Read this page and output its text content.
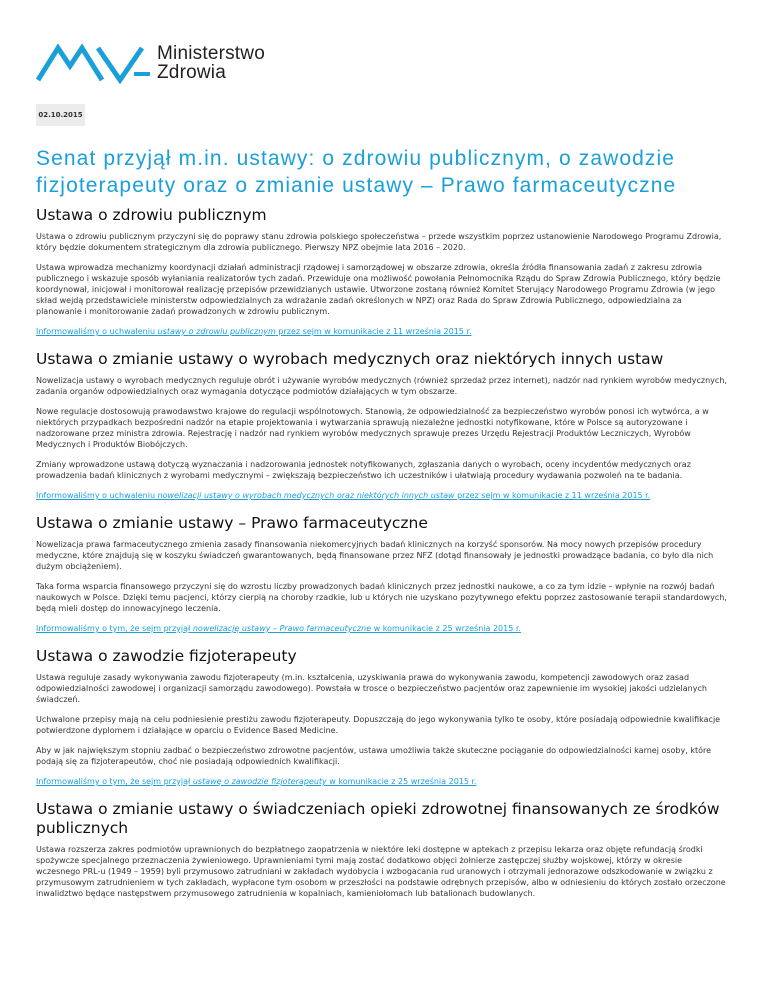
Ministerstwo
Zdrowia
02.10.2015
Senat przyjął m.in. ustawy: o zdrowiu publicznym, o zawodzie fizjoterapeuty oraz o zmianie ustawy – Prawo farmaceutyczne
Ustawa o zdrowiu publicznym

Ustawa o zdrowiu publicznym przyczyni się do poprawy stanu zdrowia polskiego społeczeństwa – przede wszystkim poprzez ustanowienie Narodowego Programu Zdrowia, który będzie dokumentem strategicznym dla zdrowia publicznego. Pierwszy NPZ obejmie lata 2016 – 2020.

Ustawa wprowadza mechanizmy koordynacji działań administracji rządowej i samorządowej w obszarze zdrowia, określa źródła finansowania zadań z zakresu zdrowia publicznego i wskazuje sposób wyłaniania realizatorów tych zadań. Przewiduje ona możliwość powołania Pełnomocnika Rządu do Spraw Zdrowia Publicznego, który będzie koordynował, inicjował i monitorował realizację przepisów przewidzianych ustawie. Utworzone zostaną również Komitet Sterujący Narodowego Programu Zdrowia (w jego skład wejdą przedstawiciele ministerstw odpowiedzialnych za wdrażanie zadań określonych w NPZ) oraz Rada do Spraw Zdrowia Publicznego, odpowiedzialna za planowanie i monitorowanie zadań prowadzonych w zdrowiu publicznym.

Informowaliśmy o uchwaleniu ustawy o zdrowiu publicznym przez sejm w komunikacie z 11 września 2015 r.

Ustawa o zmianie ustawy o wyrobach medycznych oraz niektórych innych ustaw

Nowelizacja ustawy o wyrobach medycznych reguluje obrót i używanie wyrobów medycznych (również sprzedaż przez internet), nadzór nad rynkiem wyrobów medycznych, zadania organów odpowiedzialnych oraz wymagania dotyczące podmiotów działających w tym obszarze.

Nowe regulacje dostosowują prawodawstwo krajowe do regulacji wspólnotowych. Stanowią, że odpowiedzialność za bezpieczeństwo wyrobów ponosi ich wytwórca, a w niektórych przypadkach bezpośredni nadzór na etapie projektowania i wytwarzania sprawują niezależne jednostki notyfikowane, które w Polsce są autoryzowane i nadzorowane przez ministra zdrowia. Rejestrację i nadzór nad rynkiem wyrobów medycznych sprawuje prezes Urzędu Rejestracji Produktów Leczniczych, Wyrobów Medycznych i Produktów Biobójczych.

Zmiany wprowadzone ustawą dotyczą wyznaczania i nadzorowania jednostek notyfikowanych, zgłaszania danych o wyrobach, oceny incydentów medycznych oraz prowadzenia badań klinicznych z wyrobami medycznymi – zwiększają bezpieczeństwo ich uczestników i ułatwiają procedury wydawania pozwoleń na te badania.

Informowaliśmy o uchwaleniu nowelizacji ustawy o wyrobach medycznych oraz niektórych innych ustaw przez sejm w komunikacie z 11 września 2015 r.

Ustawa o zmianie ustawy – Prawo farmaceutyczne

Nowelizacja prawa farmaceutycznego zmienia zasady finansowania niekomercyjnych badań klinicznych na korzyść sponsorów. Na mocy nowych przepisów procedury medyczne, które znajdują się w koszyku świadczeń gwarantowanych, będą finansowane przez NFZ (dotąd finansowały je jednostki prowadzące badania, co było dla nich dużym obciążeniem).

Taka forma wsparcia finansowego przyczyni się do wzrostu liczby prowadzonych badań klinicznych przez jednostki naukowe, a co za tym idzie – wpłynie na rozwój badań naukowych w Polsce. Dzięki temu pacjenci, którzy cierpią na choroby rzadkie, lub u których nie uzyskano pozytywnego efektu poprzez zastosowanie terapii standardowych, będą mieli dostęp do innowacyjnego leczenia.

Informowaliśmy o tym, że sejm przyjął nowelizację ustawy – Prawo farmaceutyczne w komunikacie z 25 września 2015 r.

Ustawa o zawodzie fizjoterapeuty

Ustawa reguluje zasady wykonywania zawodu fizjoterapeuty (m.in. kształcenia, uzyskiwania prawa do wykonywania zawodu, kompetencji zawodowych oraz zasad odpowiedzialności zawodowej i organizacji samorządu zawodowego). Powstała w trosce o bezpieczeństwo pacjentów oraz zapewnienie im wysokiej jakości udzielanych świadczeń.

Uchwalone przepisy mają na celu podniesienie prestiżu zawodu fizjoterapeuty. Dopuszczają do jego wykonywania tylko te osoby, które posiadają odpowiednie kwalifikacje potwierdzone dyplomem i działające w oparciu o Evidence Based Medicine.

Aby w jak największym stopniu zadbać o bezpieczeństwo zdrowotne pacjentów, ustawa umożliwia także skuteczne pociąganie do odpowiedzialności karnej osoby, które podają się za fizjoterapeutów, choć nie posiadają odpowiednich kwalifikacji.

Informowaliśmy o tym, że sejm przyjął ustawę o zawodzie fizjoterapeuty w komunikacie z 25 września 2015 r.

Ustawa o zmianie ustawy o świadczeniach opieki zdrowotnej finansowanych ze środków publicznych

Ustawa rozszerza zakres podmiotów uprawnionych do bezpłatnego zaopatrzenia w niektóre leki dostępne w aptekach z przepisu lekarza oraz objęte refundacją środki spożywcze specjalnego przeznaczenia żywieniowego. Uprawnieniami tymi mają zostać dodatkowo objęci żołnierze zastępczej służby wojskowej, którzy w okresie wczesnego PRL-u (1949 – 1959) byli przymusowo zatrudniani w zakładach wydobycia i wzbogacania rud uranowych i otrzymali jednorazowe odszkodowanie w związku z przymusowym zatrudnieniem w tych zakładach, wypłacone tym osobom w przeszłości na podstawie odrębnych przepisów, albo w odniesieniu do których zostało orzeczone inwalidztwo będące następstwem przymusowego zatrudnienia w kopalniach, kamieniołomach lub batalionach budowlanych.
